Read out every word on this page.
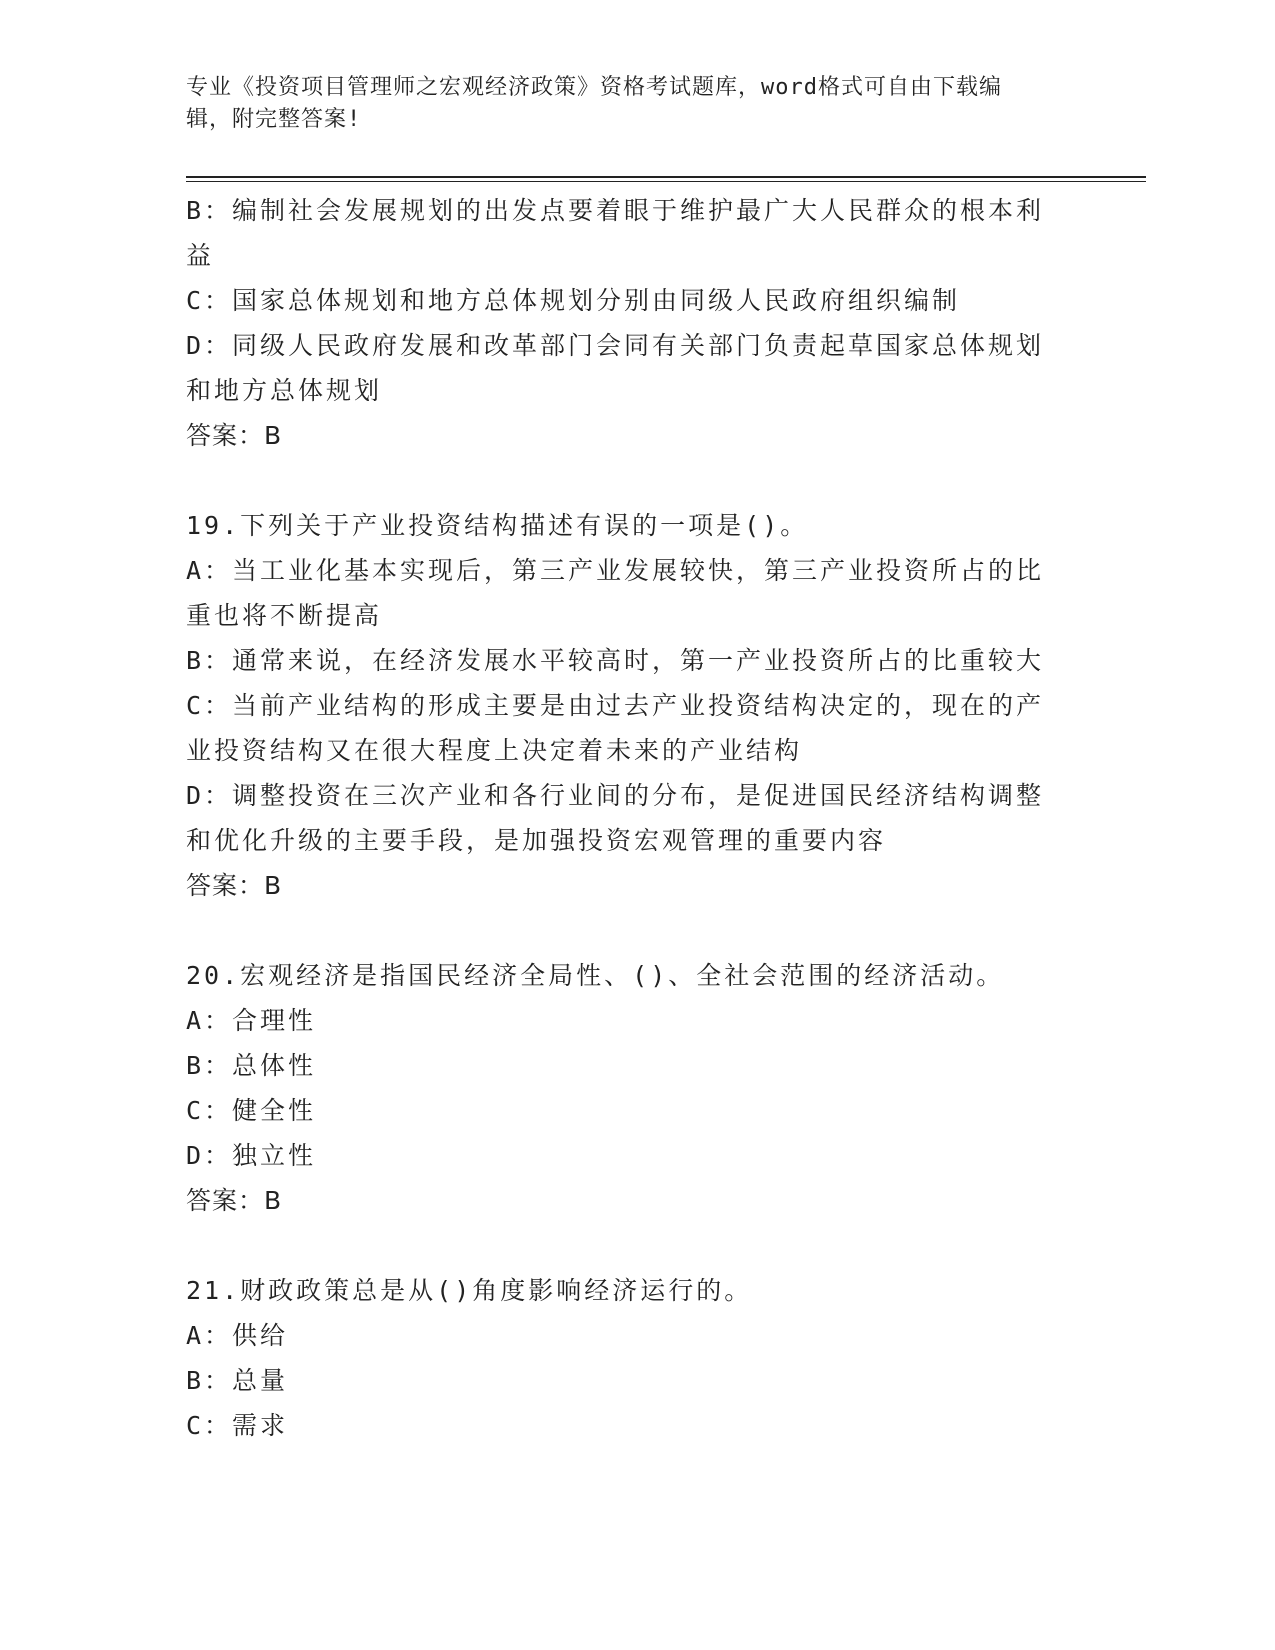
专业《投资项目管理师之宏观经济政策》资格考试题库，word格式可自由下载编

辑，附完整答案!

B：编制社会发展规划的出发点要着眼于维护最广大人民群众的根本利

益

C：国家总体规划和地方总体规划分别由同级人民政府组织编制

D：同级人民政府发展和改革部门会同有关部门负责起草国家总体规划

和地方总体规划

答案：B

19.下列关于产业投资结构描述有误的一项是()。

A：当工业化基本实现后，第三产业发展较快，第三产业投资所占的比

重也将不断提高

B：通常来说，在经济发展水平较高时，第一产业投资所占的比重较大

C：当前产业结构的形成主要是由过去产业投资结构决定的，现在的产

业投资结构又在很大程度上决定着未来的产业结构

D：调整投资在三次产业和各行业间的分布，是促进国民经济结构调整

和优化升级的主要手段，是加强投资宏观管理的重要内容

答案：B

20.宏观经济是指国民经济全局性、()、全社会范围的经济活动。

A：合理性

B：总体性

C：健全性

D：独立性

答案：B

21.财政政策总是从()角度影响经济运行的。

A：供给

B：总量

C：需求
